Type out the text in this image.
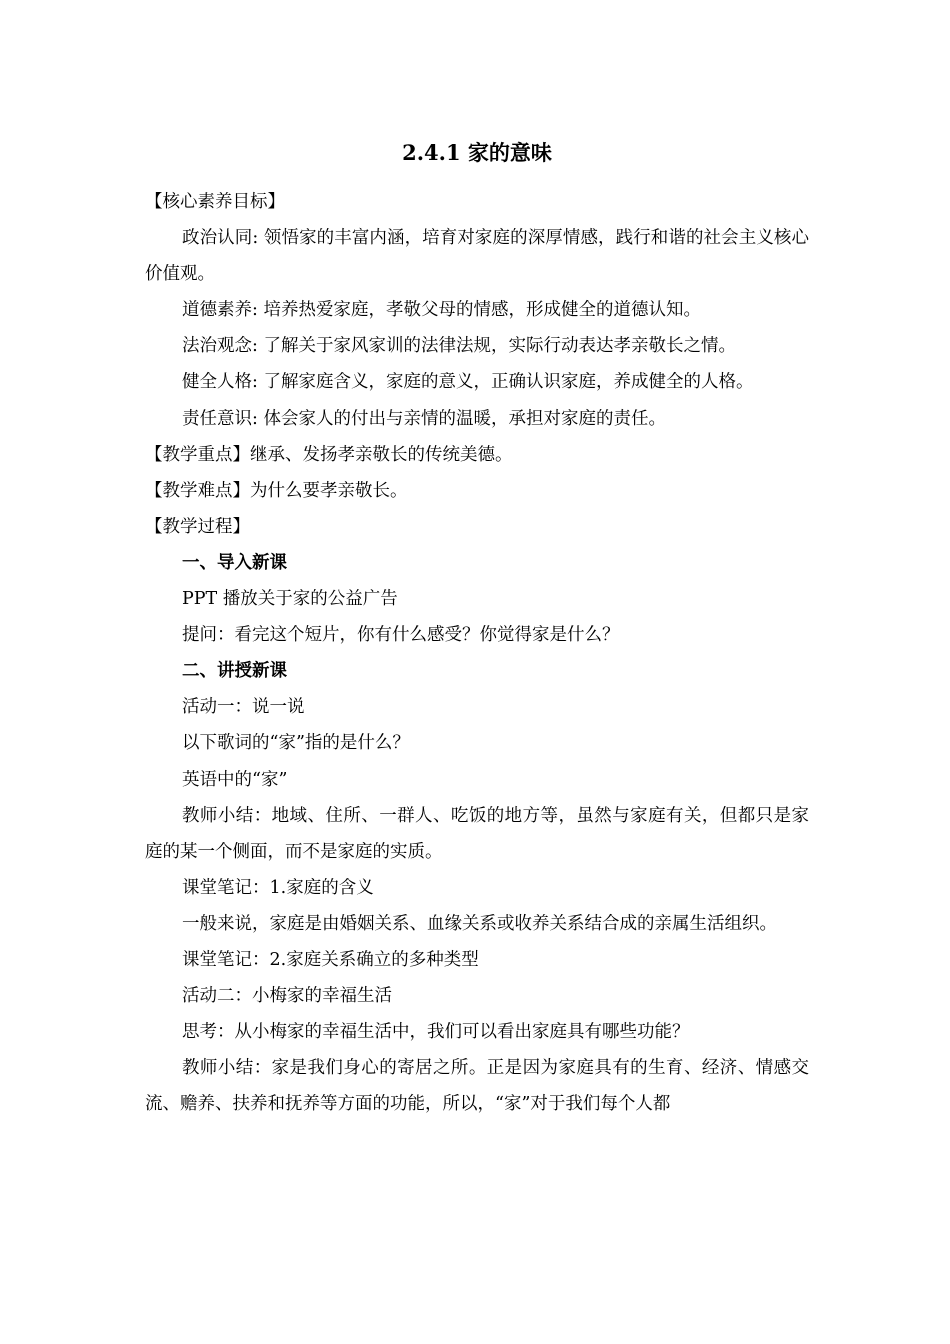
2.4.1 家的意味

【核心素养目标】

政治认同: 领悟家的丰富内涵，培育对家庭的深厚情感，践行和谐的社会主义核心价值观。

道德素养: 培养热爱家庭，孝敬父母的情感，形成健全的道德认知。

法治观念: 了解关于家风家训的法律法规，实际行动表达孝亲敬长之情。

健全人格: 了解家庭含义，家庭的意义，正确认识家庭，养成健全的人格。

责任意识: 体会家人的付出与亲情的温暖，承担对家庭的责任。

【教学重点】继承、发扬孝亲敬长的传统美德。

【教学难点】为什么要孝亲敬长。

【教学过程】

一、导入新课

PPT 播放关于家的公益广告

提问：看完这个短片，你有什么感受？你觉得家是什么？

二、讲授新课

活动一：说一说

以下歌词的“家”指的是什么？

英语中的“家”

教师小结：地域、住所、一群人、吃饭的地方等，虽然与家庭有关，但都只是家庭的某一个侧面，而不是家庭的实质。

课堂笔记：1.家庭的含义

一般来说，家庭是由婚姻关系、血缘关系或收养关系结合成的亲属生活组织。

课堂笔记：2.家庭关系确立的多种类型

活动二：小梅家的幸福生活

思考：从小梅家的幸福生活中，我们可以看出家庭具有哪些功能？

教师小结：家是我们身心的寄居之所。正是因为家庭具有的生育、经济、情感交流、赡养、扶养和抚养等方面的功能，所以，“家”对于我们每个人都
